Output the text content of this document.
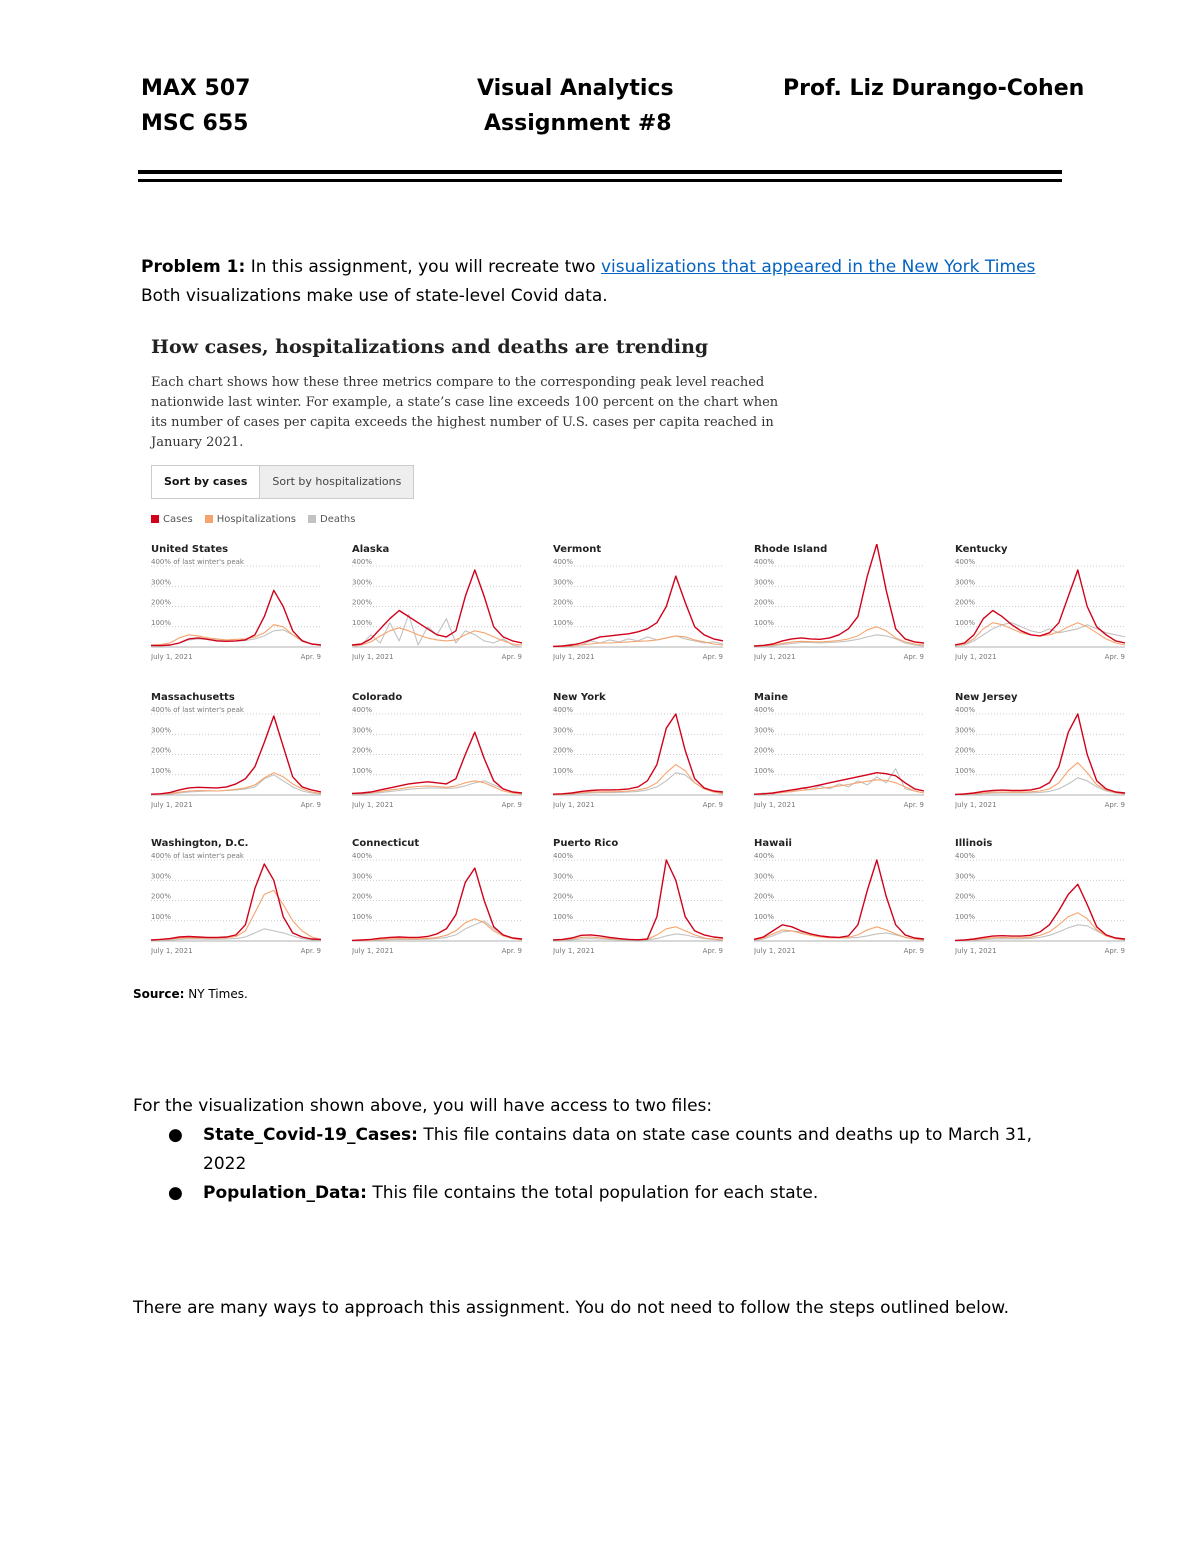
MAX 507
MSC 655
Visual Analytics
Assignment #8
Prof. Liz Durango-Cohen
Problem 1: In this assignment, you will recreate two visualizations that appeared in the New York Times
Both visualizations make use of state-level Covid data.
How cases, hospitalizations and deaths are trending
Each chart shows how these three metrics compare to the corresponding peak level reached nationwide last winter. For example, a state’s case line exceeds 100 percent on the chart when its number of cases per capita exceeds the highest number of U.S. cases per capita reached in January 2021.
Sort by cases	Sort by hospitalizations
Cases	Hospitalizations	Deaths
400% of last winter's peak
300%
200%
100%
July 1, 2021	Apr. 9
United States
400%
300%
200%
100%
July 1, 2021	Apr. 9
Alaska
400%
300%
200%
100%
July 1, 2021	Apr. 9
Vermont
400%
300%
200%
100%
July 1, 2021	Apr. 9
Rhode Island
400%
300%
200%
100%
July 1, 2021	Apr. 9
Kentucky
400% of last winter's peak
300%
200%
100%
July 1, 2021	Apr. 9
Massachusetts
400%
300%
200%
100%
July 1, 2021	Apr. 9
Colorado
400%
300%
200%
100%
July 1, 2021	Apr. 9
New York
400%
300%
200%
100%
July 1, 2021	Apr. 9
Maine
400%
300%
200%
100%
July 1, 2021	Apr. 9
New Jersey
400% of last winter's peak
300%
200%
100%
July 1, 2021	Apr. 9
Washington, D.C.
400%
300%
200%
100%
July 1, 2021	Apr. 9
Connecticut
400%
300%
200%
100%
July 1, 2021	Apr. 9
Puerto Rico
400%
300%
200%
100%
July 1, 2021	Apr. 9
Hawaii
400%
300%
200%
100%
July 1, 2021	Apr. 9
Illinois
Source: NY Times.
For the visualization shown above, you will have access to two files:
● State_Covid-19_Cases: This file contains data on state case counts and deaths up to March 31,
2022
● Population_Data: This file contains the total population for each state.
There are many ways to approach this assignment. You do not need to follow the steps outlined below.
